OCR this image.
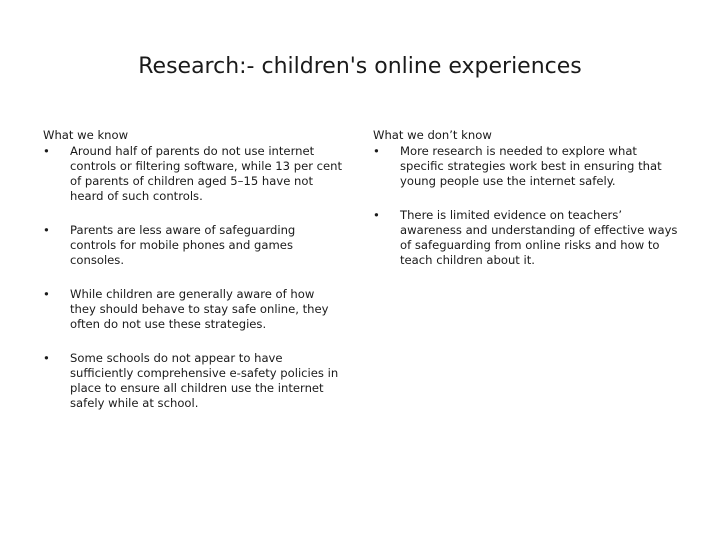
Research:- children's online experiences
What we know
• Around half of parents do not use internet controls or filtering software, while 13 per cent of parents of children aged 5–15 have not heard of such controls.
• Parents are less aware of safeguarding controls for mobile phones and games consoles.
• While children are generally aware of how they should behave to stay safe online, they often do not use these strategies.
• Some schools do not appear to have sufficiently comprehensive e-safety policies in place to ensure all children use the internet safely while at school.
What we don’t know
• More research is needed to explore what specific strategies work best in ensuring that young people use the internet safely.
• There is limited evidence on teachers’ awareness and understanding of effective ways of safeguarding from online risks and how to teach children about it.
